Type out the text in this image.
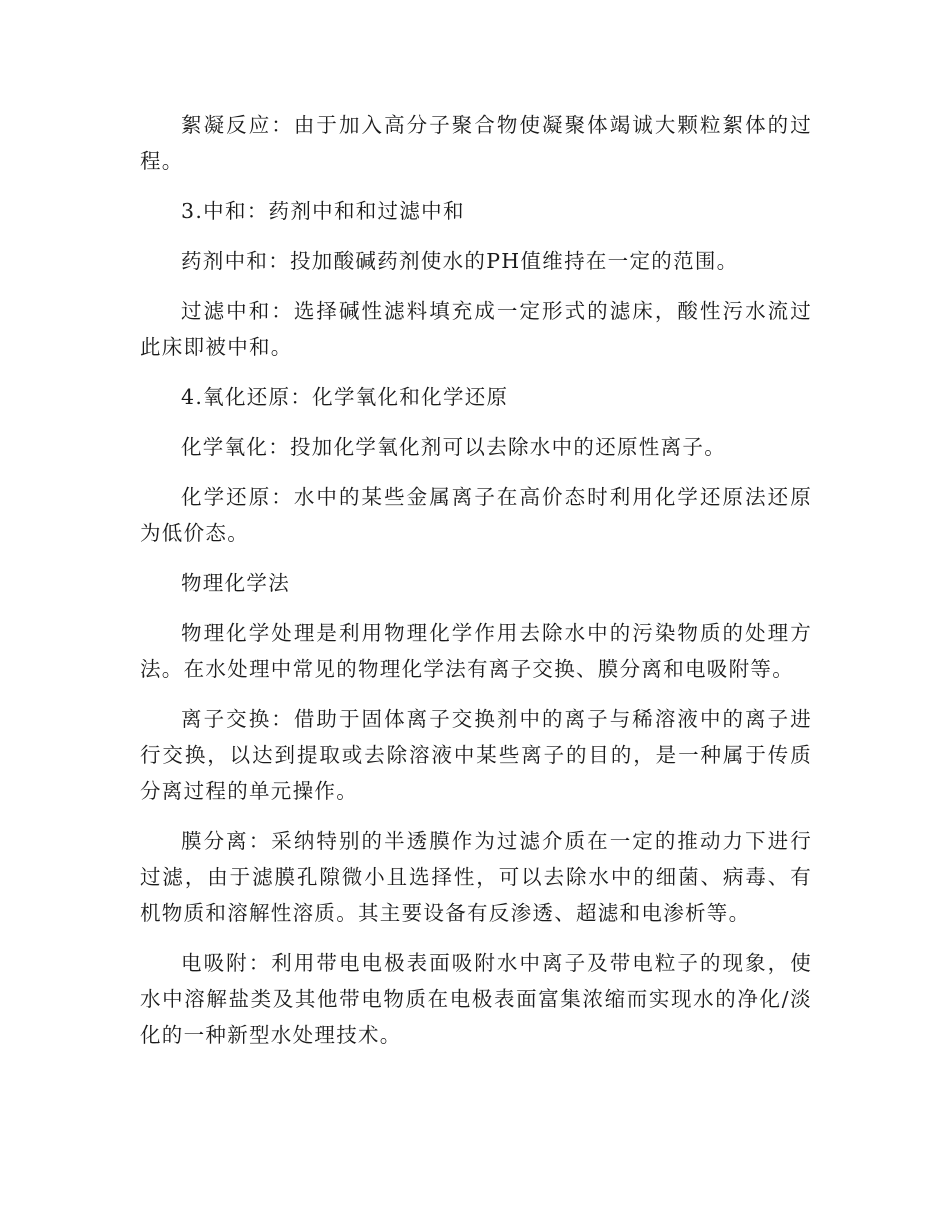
絮凝反应：由于加入高分子聚合物使凝聚体竭诚大颗粒絮体的过程。

3.中和：药剂中和和过滤中和

药剂中和：投加酸碱药剂使水的PH值维持在一定的范围。

过滤中和：选择碱性滤料填充成一定形式的滤床，酸性污水流过此床即被中和。

4.氧化还原：化学氧化和化学还原

化学氧化：投加化学氧化剂可以去除水中的还原性离子。

化学还原：水中的某些金属离子在高价态时利用化学还原法还原为低价态。

物理化学法

物理化学处理是利用物理化学作用去除水中的污染物质的处理方法。在水处理中常见的物理化学法有离子交换、膜分离和电吸附等。

离子交换：借助于固体离子交换剂中的离子与稀溶液中的离子进行交换，以达到提取或去除溶液中某些离子的目的，是一种属于传质分离过程的单元操作。

膜分离：采纳特别的半透膜作为过滤介质在一定的推动力下进行过滤，由于滤膜孔隙微小且选择性，可以去除水中的细菌、病毒、有机物质和溶解性溶质。其主要设备有反渗透、超滤和电渗析等。

电吸附：利用带电电极表面吸附水中离子及带电粒子的现象，使水中溶解盐类及其他带电物质在电极表面富集浓缩而实现水的净化/淡化的一种新型水处理技术。
